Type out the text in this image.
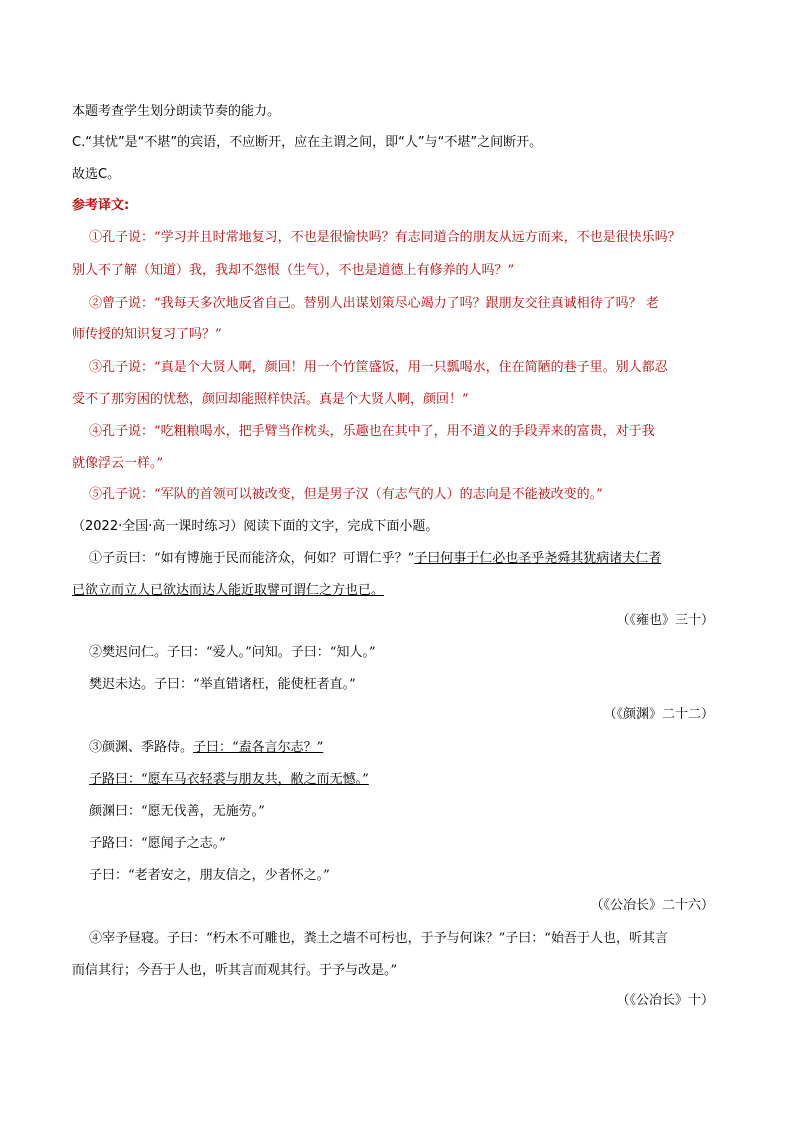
本题考查学生划分朗读节奏的能力。
C.“其忧”是“不堪”的宾语，不应断开，应在主谓之间，即“人”与“不堪”之间断开。
故选C。
参考译文:
①孔子说：“学习并且时常地复习，不也是很愉快吗？有志同道合的朋友从远方而来，不也是很快乐吗？
别人不了解（知道）我，我却不怨恨（生气），不也是道德上有修养的人吗？”
②曾子说：“我每天多次地反省自己。替别人出谋划策尽心竭力了吗？跟朋友交往真诚相待了吗？ 老
师传授的知识复习了吗？”
③孔子说：“真是个大贤人啊，颜回！用一个竹筐盛饭，用一只瓢喝水，住在简陋的巷子里。别人都忍
受不了那穷困的忧愁，颜回却能照样快活。真是个大贤人啊，颜回！”
④孔子说：“吃粗粮喝水，把手臂当作枕头，乐趣也在其中了，用不道义的手段弄来的富贵，对于我
就像浮云一样。”
⑤孔子说：“军队的首领可以被改变，但是男子汉（有志气的人）的志向是不能被改变的。”
（2022·全国·高一课时练习）阅读下面的文字，完成下面小题。
①子贡曰：“如有博施于民而能济众，何如？可谓仁乎？”子曰何事于仁必也圣乎尧舜其犹病诸夫仁者
已欲立而立人已欲达而达人能近取譬可谓仁之方也已。
（《雍也》三十）
②樊迟问仁。子曰：“爱人。”问知。子曰：“知人。”
樊迟未达。子曰：“举直错诸枉，能使枉者直。”
（《颜渊》二十二）
③颜渊、季路侍。子曰：“盍各言尔志？”
子路曰：“愿车马衣轻裘与朋友共，敝之而无憾。”
颜渊曰：“愿无伐善，无施劳。”
子路曰：“愿闻子之志。”
子曰：“老者安之，朋友信之，少者怀之。”
（《公冶长》二十六）
④宰予昼寝。子曰：“朽木不可雕也，粪土之墙不可杇也，于予与何诛？”子曰：“始吾于人也，听其言
而信其行；今吾于人也，听其言而观其行。于予与改是。”
（《公冶长》十）
